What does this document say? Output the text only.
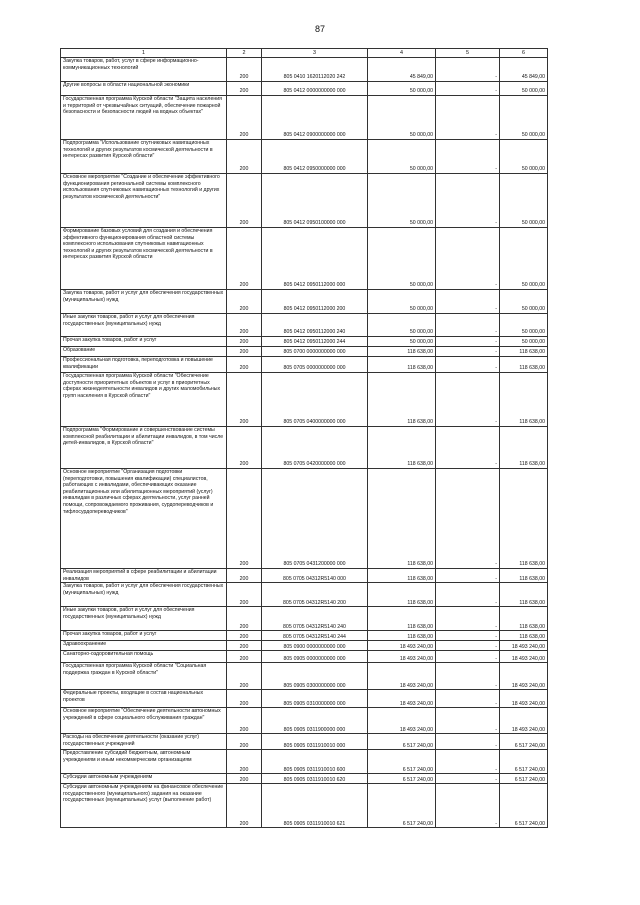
87
1	2	3	4	5	6
Закупка товаров, работ, услуг в сфере информационно-коммуникационных технологий	200	805 0410 1620112020 242	45 849,00	-	45 849,00
Другие вопросы в области национальной экономики	200	805 0412 0000000000 000	50 000,00	-	50 000,00
Государственная программа Курской области "Защита населения и территорий от чрезвычайных ситуаций, обеспечение пожарной безопасности и безопасности людей на водных объектах"	200	805 0412 0900000000 000	50 000,00	-	50 000,00
Подпрограмма "Использование спутниковых навигационных технологий и других результатов космической деятельности в интересах развития Курской области"	200	805 0412 0950000000 000	50 000,00	-	50 000,00
Основное мероприятие "Создание и обеспечение эффективного функционирования региональной системы комплексного использования спутниковых навигационных технологий и других результатов космической деятельности"	200	805 0412 0950100000 000	50 000,00	-	50 000,00
Формирование базовых условий для создания и обеспечения эффективного функционирования областной системы комплексного использования спутниковых навигационных технологий и других результатов космической деятельности в интересах развития Курской области	200	805 0412 0950112000 000	50 000,00	-	50 000,00
Закупка товаров, работ и услуг для обеспечения государственных (муниципальных) нужд	200	805 0412 0950112000 200	50 000,00	-	50 000,00
Иные закупки товаров, работ и услуг для обеспечения государственных (муниципальных) нужд	200	805 0412 0950112000 240	50 000,00	-	50 000,00
Прочая закупка товаров, работ и услуг	200	805 0412 0950112000 244	50 000,00	-	50 000,00
Образование	200	805 0700 0000000000 000	118 638,00	-	118 638,00
Профессиональная подготовка, переподготовка и повышение квалификации	200	805 0705 0000000000 000	118 638,00	-	118 638,00
Государственная программа Курской области "Обеспечение доступности приоритетных объектов и услуг в приоритетных сферах жизнедеятельности инвалидов и других маломобильных групп населения в Курской области"	200	805 0705 0400000000 000	118 638,00	-	118 638,00
Подпрограмма "Формирование и совершенствование системы комплексной реабилитации и абилитации инвалидов, в том числе детей-инвалидов, в Курской области"	200	805 0705 0420000000 000	118 638,00	-	118 638,00
Основное мероприятие "Организация подготовки (переподготовки, повышения квалификации) специалистов, работающих с инвалидами, обеспечивающих оказание реабилитационных или абилитационных мероприятий (услуг) инвалидам в различных сферах деятельности, услуг ранней помощи, сопровождаемого проживания, сурдопереводчиков и тифлосурдопереводчиков"	200	805 0705 0431200000 000	118 638,00	-	118 638,00
Реализация мероприятий в сфере реабилитации и абилитации инвалидов	200	805 0705 04312R5140 000	118 638,00	-	118 638,00
Закупка товаров, работ и услуг для обеспечения государственных (муниципальных) нужд	200	805 0705 04312R5140 200	118 638,00	-	118 638,00
Иные закупки товаров, работ и услуг для обеспечения государственных (муниципальных) нужд	200	805 0705 04312R5140 240	118 638,00	-	118 638,00
Прочая закупка товаров, работ и услуг	200	805 0705 04312R5140 244	118 638,00	-	118 638,00
Здравоохранение	200	805 0900 0000000000 000	18 493 240,00	-	18 493 240,00
Санаторно-оздоровительная помощь	200	805 0905 0000000000 000	18 493 240,00	-	18 493 240,00
Государственная программа Курской области "Социальная поддержка граждан в Курской области"	200	805 0905 0300000000 000	18 493 240,00	-	18 493 240,00
Федеральные проекты, входящие в состав национальных проектов	200	805 0905 0310000000 000	18 493 240,00	-	18 493 240,00
Основное мероприятие "Обеспечение деятельности автономных учреждений в сфере социального обслуживания граждан"	200	805 0905 0311900000 000	18 493 240,00	-	18 493 240,00
Расходы на обеспечение деятельности (оказание услуг) государственных учреждений	200	805 0905 0311910010 000	6 517 240,00	-	6 517 240,00
Предоставление субсидий бюджетным, автономным учреждениям и иным некоммерческим организациям	200	805 0905 0311910010 600	6 517 240,00	-	6 517 240,00
Субсидии автономным учреждениям	200	805 0905 0311910010 620	6 517 240,00	-	6 517 240,00
Субсидии автономным учреждениям на финансовое обеспечение государственного (муниципального) задания на оказание государственных (муниципальных) услуг (выполнение работ)	200	805 0905 0311910010 621	6 517 240,00	-	6 517 240,00
